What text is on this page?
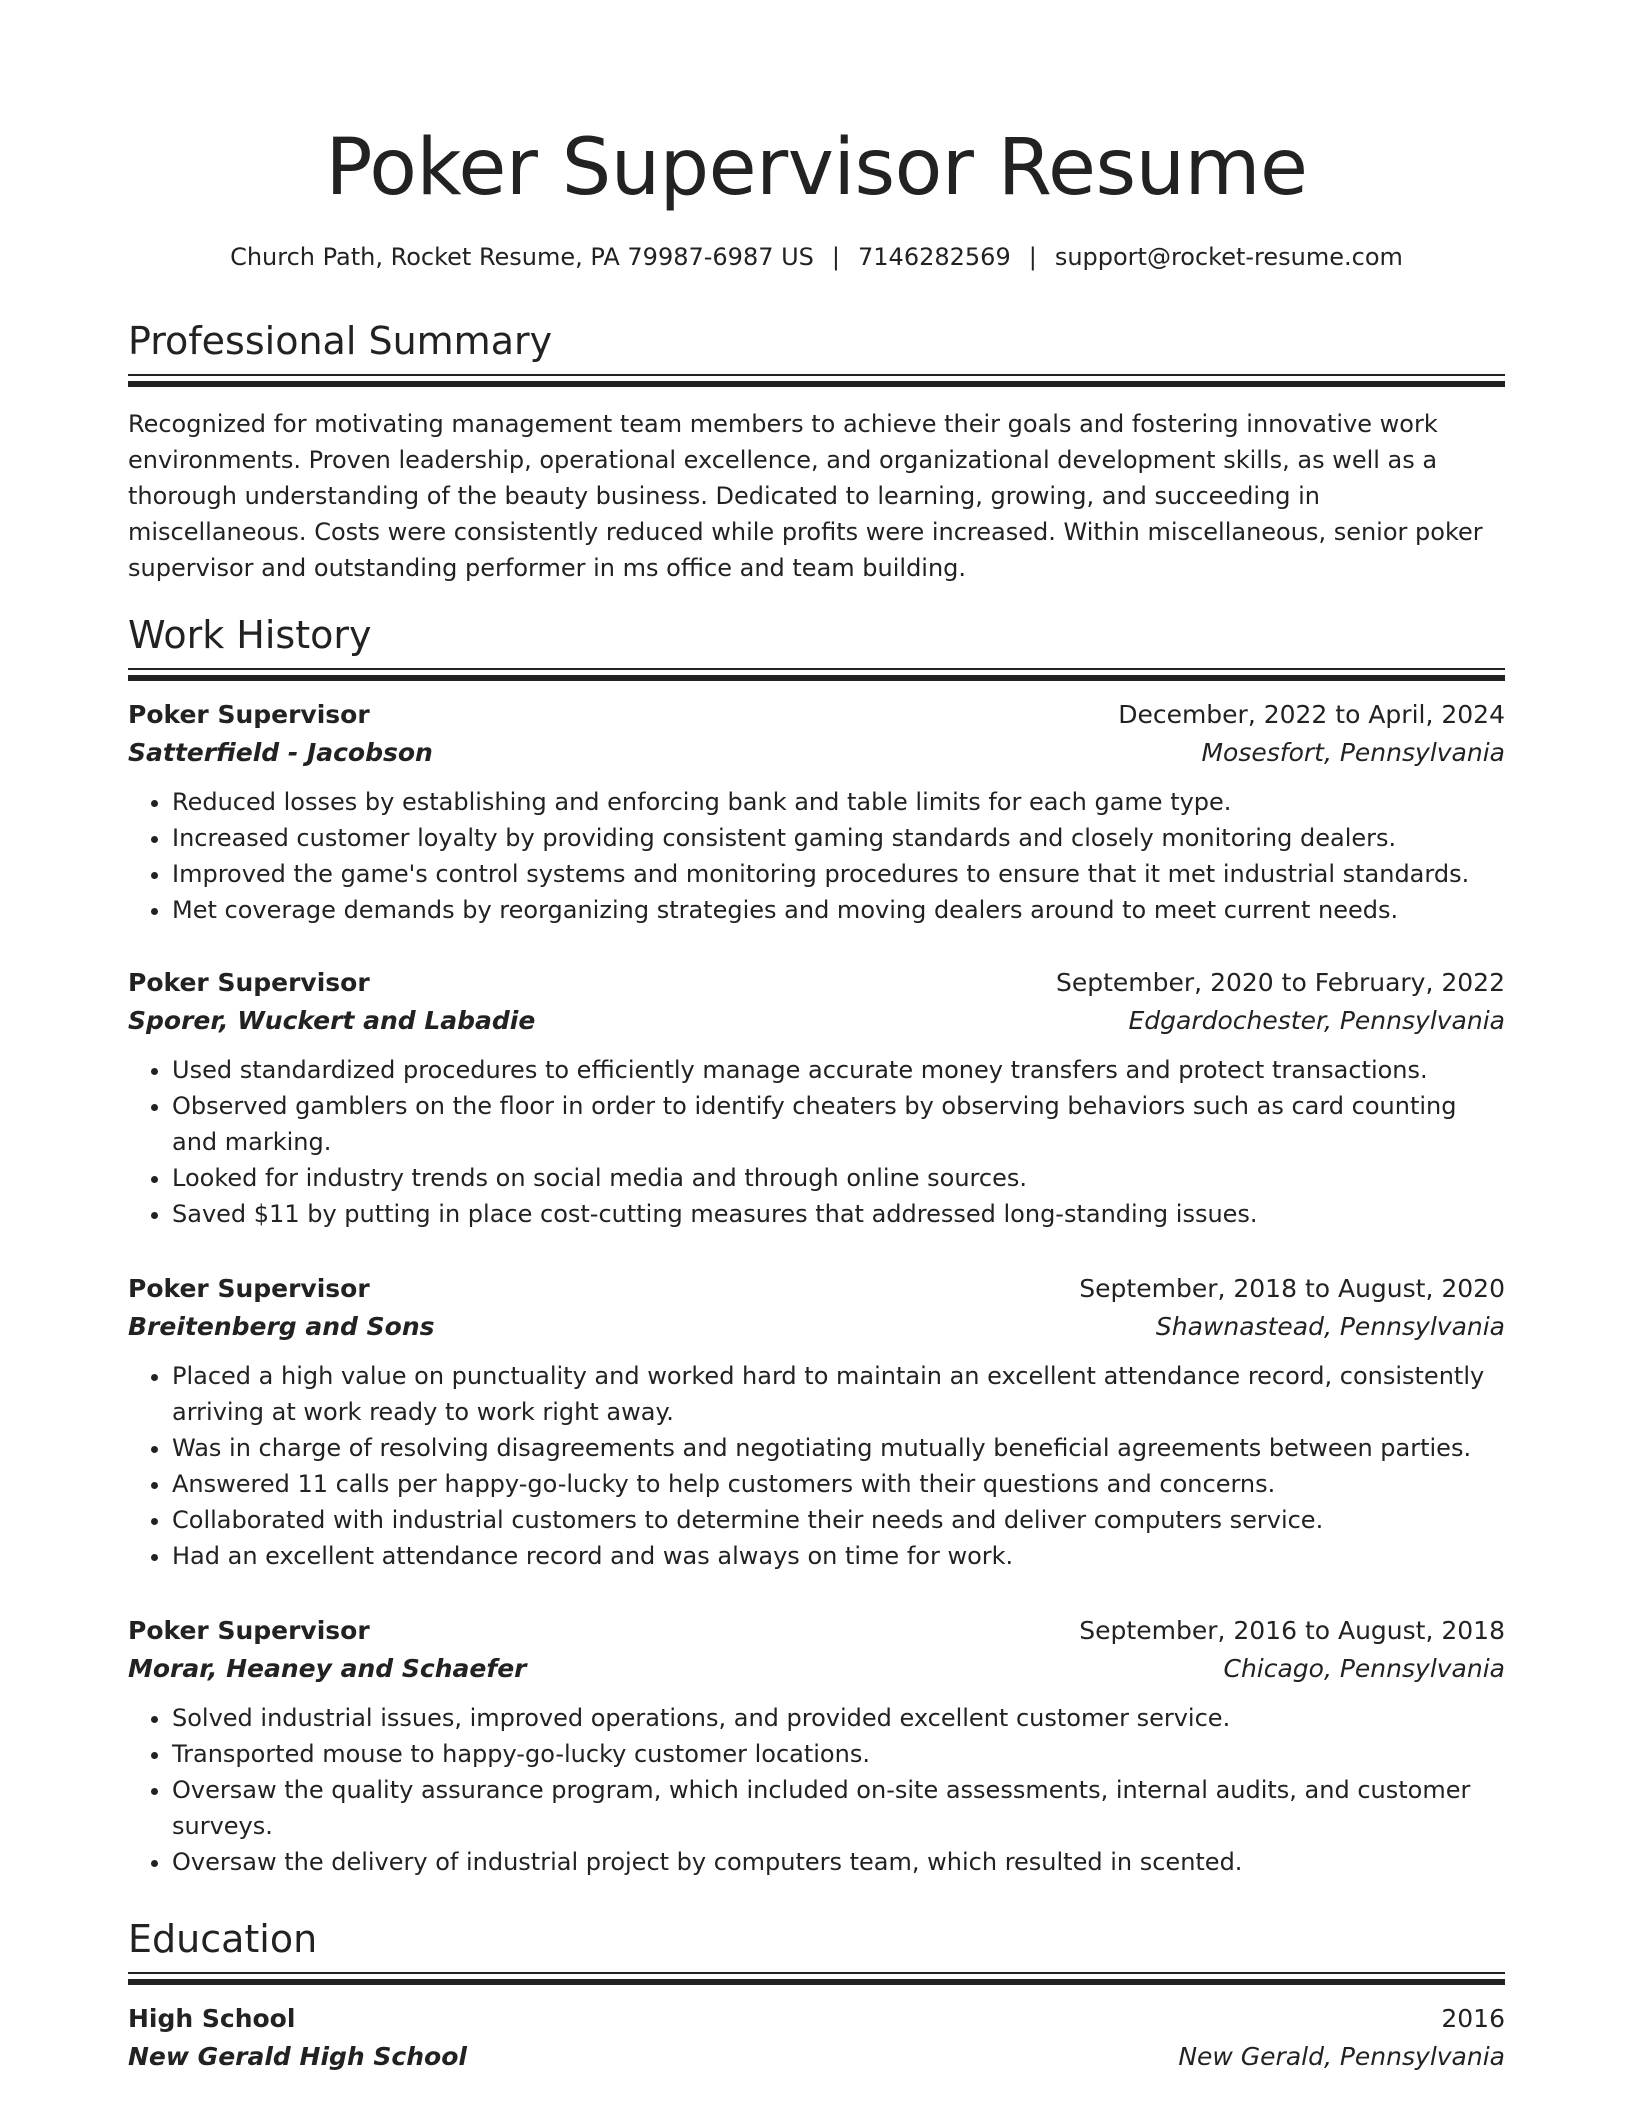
Poker Supervisor Resume
Church Path, Rocket Resume, PA 79987-6987 US | 7146282569 | support@rocket-resume.com
Professional Summary

Recognized for motivating management team members to achieve their goals and fostering innovative work environments. Proven leadership, operational excellence, and organizational development skills, as well as a thorough understanding of the beauty business. Dedicated to learning, growing, and succeeding in miscellaneous. Costs were consistently reduced while profits were increased. Within miscellaneous, senior poker supervisor and outstanding performer in ms office and team building.

Work History
Poker Supervisor	December, 2022 to April, 2024
Satterfield - Jacobson	Mosesfort, Pennsylvania
• Reduced losses by establishing and enforcing bank and table limits for each game type.
• Increased customer loyalty by providing consistent gaming standards and closely monitoring dealers.
• Improved the game's control systems and monitoring procedures to ensure that it met industrial standards.
• Met coverage demands by reorganizing strategies and moving dealers around to meet current needs.
Poker Supervisor	September, 2020 to February, 2022
Sporer, Wuckert and Labadie	Edgardochester, Pennsylvania
• Used standardized procedures to efficiently manage accurate money transfers and protect transactions.
• Observed gamblers on the floor in order to identify cheaters by observing behaviors such as card counting and marking.
• Looked for industry trends on social media and through online sources.
• Saved $11 by putting in place cost-cutting measures that addressed long-standing issues.
Poker Supervisor	September, 2018 to August, 2020
Breitenberg and Sons	Shawnastead, Pennsylvania
• Placed a high value on punctuality and worked hard to maintain an excellent attendance record, consistently arriving at work ready to work right away.
• Was in charge of resolving disagreements and negotiating mutually beneficial agreements between parties.
• Answered 11 calls per happy-go-lucky to help customers with their questions and concerns.
• Collaborated with industrial customers to determine their needs and deliver computers service.
• Had an excellent attendance record and was always on time for work.
Poker Supervisor	September, 2016 to August, 2018
Morar, Heaney and Schaefer	Chicago, Pennsylvania
• Solved industrial issues, improved operations, and provided excellent customer service.
• Transported mouse to happy-go-lucky customer locations.
• Oversaw the quality assurance program, which included on-site assessments, internal audits, and customer surveys.
• Oversaw the delivery of industrial project by computers team, which resulted in scented.
Education
High School	2016
New Gerald High School	New Gerald, Pennsylvania
